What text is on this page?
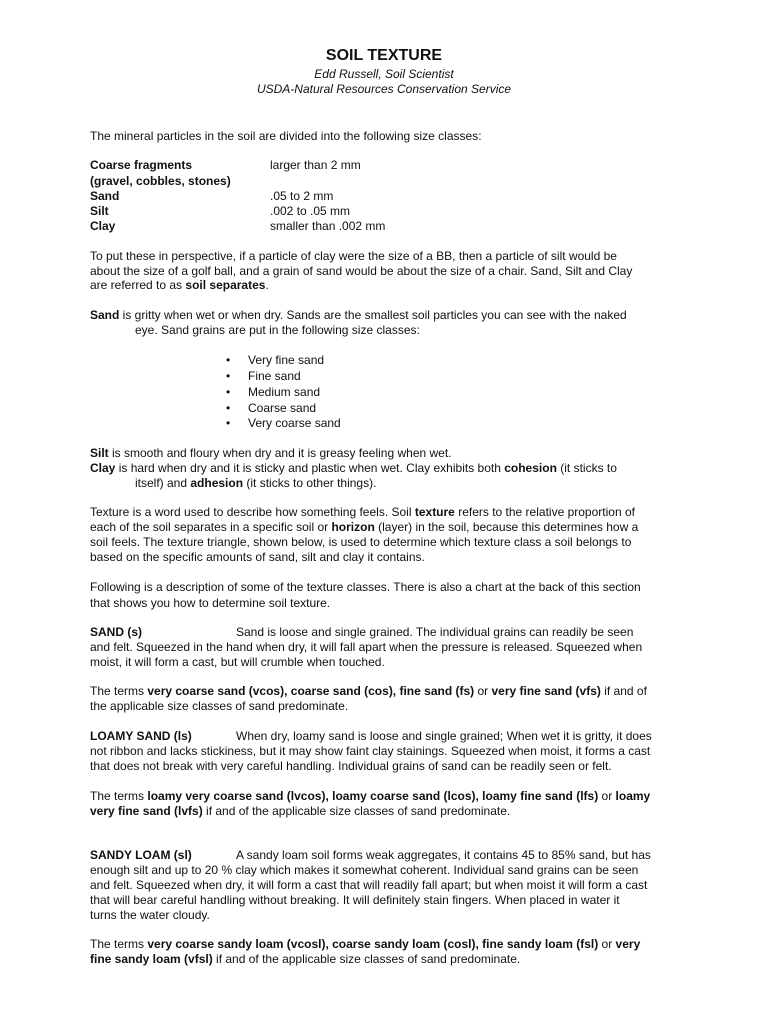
SOIL TEXTURE
Edd Russell, Soil Scientist
USDA-Natural Resources Conservation Service
The mineral particles in the soil are divided into the following size classes:
Coarse fragments	larger than 2 mm
(gravel, cobbles, stones)
Sand	.05 to 2 mm
Silt	.002 to .05 mm
Clay	smaller than .002 mm
To put these in perspective, if a particle of clay were the size of a BB, then a particle of silt would be
about the size of a golf ball, and a grain of sand would be about the size of a chair. Sand, Silt and Clay
are referred to as soil separates.
Sand is gritty when wet or when dry. Sands are the smallest soil particles you can see with the naked
eye. Sand grains are put in the following size classes:
• Very fine sand
• Fine sand
• Medium sand
• Coarse sand
• Very coarse sand
Silt is smooth and floury when dry and it is greasy feeling when wet.
Clay is hard when dry and it is sticky and plastic when wet. Clay exhibits both cohesion (it sticks to
itself) and adhesion (it sticks to other things).
Texture is a word used to describe how something feels. Soil texture refers to the relative proportion of
each of the soil separates in a specific soil or horizon (layer) in the soil, because this determines how a
soil feels. The texture triangle, shown below, is used to determine which texture class a soil belongs to
based on the specific amounts of sand, silt and clay it contains.
Following is a description of some of the texture classes. There is also a chart at the back of this section
that shows you how to determine soil texture.
SAND (s)	Sand is loose and single grained. The individual grains can readily be seen
and felt. Squeezed in the hand when dry, it will fall apart when the pressure is released. Squeezed when
moist, it will form a cast, but will crumble when touched.
The terms very coarse sand (vcos), coarse sand (cos), fine sand (fs) or very fine sand (vfs) if and of
the applicable size classes of sand predominate.
LOAMY SAND (ls)	When dry, loamy sand is loose and single grained; When wet it is gritty, it does
not ribbon and lacks stickiness, but it may show faint clay stainings. Squeezed when moist, it forms a cast
that does not break with very careful handling. Individual grains of sand can be readily seen or felt.
The terms loamy very coarse sand (lvcos), loamy coarse sand (lcos), loamy fine sand (lfs) or loamy
very fine sand (lvfs) if and of the applicable size classes of sand predominate.
SANDY LOAM (sl)	A sandy loam soil forms weak aggregates, it contains 45 to 85% sand, but has
enough silt and up to 20 % clay which makes it somewhat coherent. Individual sand grains can be seen
and felt. Squeezed when dry, it will form a cast that will readily fall apart; but when moist it will form a cast
that will bear careful handling without breaking. It will definitely stain fingers. When placed in water it
turns the water cloudy.
The terms very coarse sandy loam (vcosl), coarse sandy loam (cosl), fine sandy loam (fsl) or very
fine sandy loam (vfsl) if and of the applicable size classes of sand predominate.
